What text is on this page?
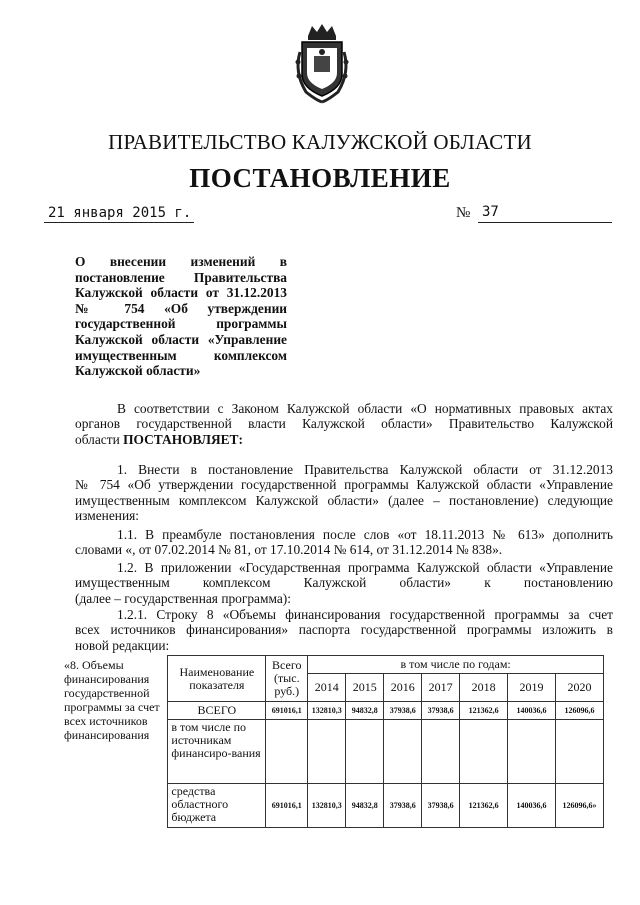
ПРАВИТЕЛЬСТВО КАЛУЖСКОЙ ОБЛАСТИ
ПОСТАНОВЛЕНИЕ
21 января 2015 г.	№ 37
О внесении изменений в
постановление Правительства
Калужской области от 31.12.2013
№ 754 «Об утверждении
государственной программы
Калужской области «Управление
имущественным комплексом
Калужской области»
В соответствии с Законом Калужской области «О нормативных правовых актах
органов государственной власти Калужской области» Правительство Калужской
области ПОСТАНОВЛЯЕТ:
1. Внести в постановление Правительства Калужской области от 31.12.2013
№ 754 «Об утверждении государственной программы Калужской области «Управление
имущественным комплексом Калужской области» (далее – постановление) следующие
изменения:
1.1. В преамбуле постановления после слов «от 18.11.2013 № 613» дополнить
словами «, от 07.02.2014 № 81, от 17.10.2014 № 614, от 31.12.2014 № 838».
1.2. В приложении «Государственная программа Калужской области «Управление
имущественным комплексом Калужской области» к постановлению
(далее – государственная программа):
1.2.1. Строку 8 «Объемы финансирования государственной программы за счет
всех источников финансирования» паспорта государственной программы изложить в
новой редакции:
«8. Объемы финансирования государственной программы за счет всех источников финансирования	Наименование показателя	Всего (тыс. руб.)	в том числе по годам:						
			2014	2015	2016	2017	2018	2019	2020
	ВСЕГО	691016,1	132810,3	94832,8	37938,6	37938,6	121362,6	140036,6	126096,6
	в том числе по источникам финансиро-вания								
	средства областного бюджета	691016,1	132810,3	94832,8	37938,6	37938,6	121362,6	140036,6	126096,6»
